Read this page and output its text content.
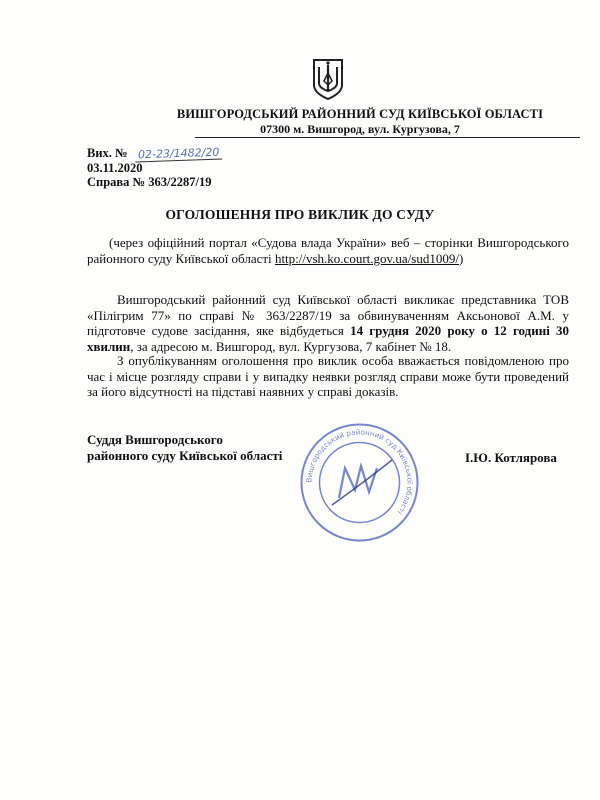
ВИШГОРОДСЬКИЙ РАЙОННИЙ СУД КИЇВСЬКОЇ ОБЛАСТІ
07300 м. Вишгород, вул. Кургузова, 7
Вих. № 02-23/1482/20
03.11.2020
Справа № 363/2287/19
ОГОЛОШЕННЯ ПРО ВИКЛИК ДО СУДУ
(через офіційний портал «Судова влада України» веб – сторінки Вишгородського районного суду Київської області http://vsh.ko.court.gov.ua/sud1009/)
Вишгородський районний суд Київської області викликає представника ТОВ «Пілігрим 77» по справі № 363/2287/19 за обвинуваченням Аксьонової А.М. у підготовче судове засідання, яке відбудеться 14 грудня 2020 року о 12 годині 30 хвилин, за адресою м. Вишгород, вул. Кургузова, 7 кабінет № 18.
З опублікуванням оголошення про виклик особа вважається повідомленою про час і місце розгляду справи і у випадку неявки розгляд справи може бути проведений за його відсутності на підставі наявних у справі доказів.
Суддя Вишгородського
районного суду Київської області
Вишгородський районний суд Київської області
І.Ю. Котлярова
